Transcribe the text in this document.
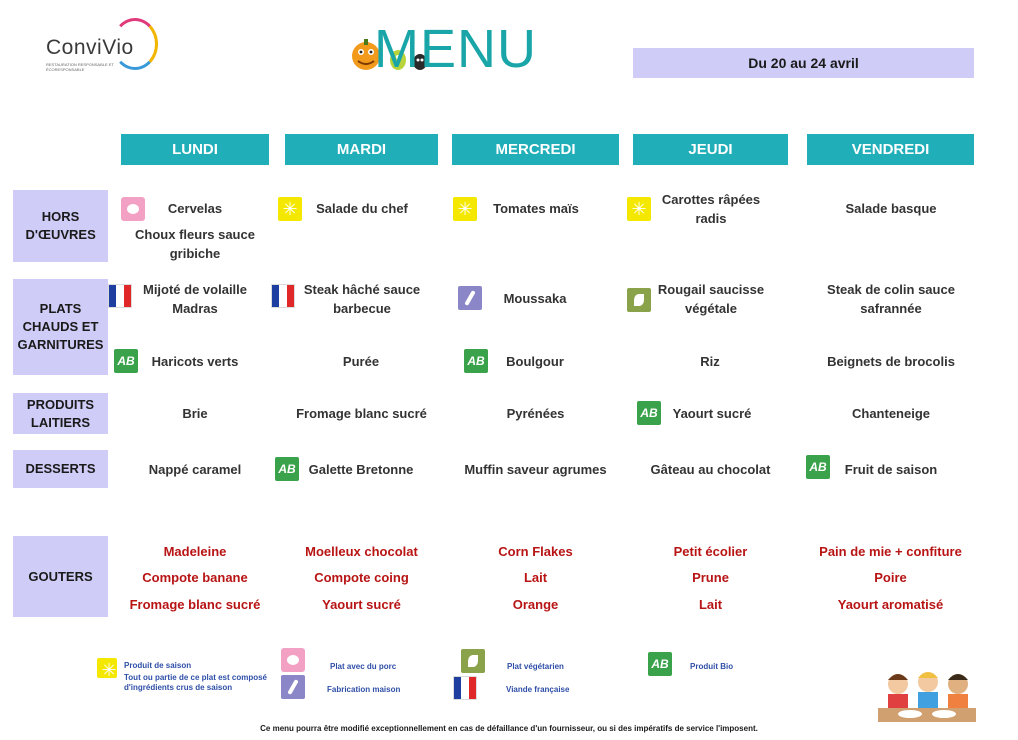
ConviVio
RESTAURATION RESPONSABLE ET ÉCORESPONSABLE	MENU	Du 20 au 24 avril
LUNDI	MARDI	MERCREDI	JEUDI	VENDREDI
HORS D'ŒUVRES
PLATS CHAUDS ET GARNITURES
PRODUITS LAITIERS
DESSERTS
GOUTERS
Cervelas
Choux fleurs sauce gribiche
✳
Salade du chef
✳	Tomates maïs
✳
Carottes râpées radis
Salade basque
Mijoté de volaille Madras
Steak hâché sauce barbecue
Moussaka
Rougail saucisse végétale
Steak de colin sauce safrannée
AB	Haricots verts	Purée	AB	Boulgour	Riz	Beignets de brocolis
Brie	Fromage blanc sucré	Pyrénées	AB	Yaourt sucré	Chanteneige
Nappé caramel	AB Galette Bretonne	Muffin saveur agrumes	Gâteau au chocolat	AB	Fruit de saison
Madeleine
Compote banane
Fromage blanc sucré
Moelleux chocolat
Compote coing
Yaourt sucré
Corn Flakes
Lait
Orange
Petit écolier
Prune
Lait
Pain de mie + confiture
Poire
Yaourt aromatisé
✳
Produit de saison
Tout ou partie de ce plat est composé d'ingrédients crus de saison
Plat avec du porc
Fabrication maison
Plat végétarien
Viande française
AB	Produit Bio
Ce menu pourra être modifié exceptionnellement en cas de défaillance d'un fournisseur, ou si des impératifs de service l'imposent.
